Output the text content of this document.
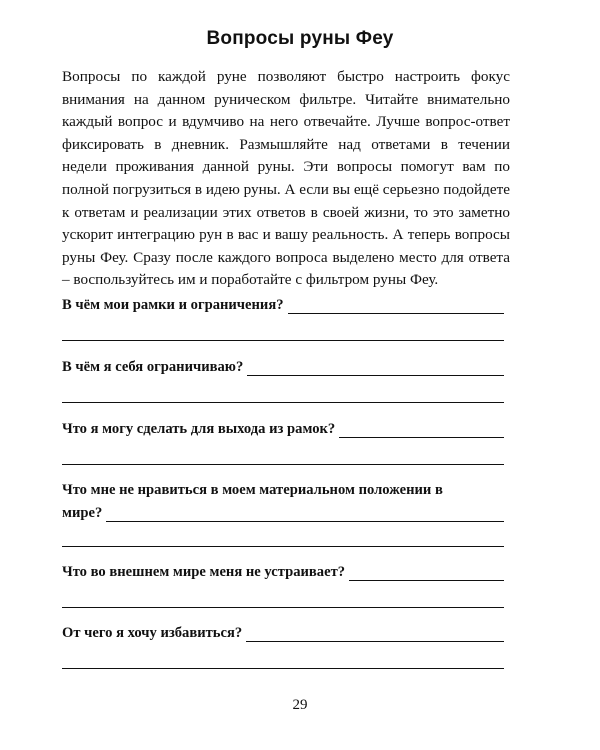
Вопросы руны Феу

Вопросы по каждой руне позволяют быстро настроить фокус внимания на данном руническом фильтре. Читайте внимательно каждый вопрос и вдумчиво на него отвечайте. Лучше вопрос-ответ фиксировать в дневник. Размышляйте над ответами в течении недели проживания данной руны. Эти вопросы помогут вам по полной погрузиться в идею руны. А если вы ещё серьезно подойдете к ответам и реализации этих ответов в своей жизни, то это заметно ускорит интеграцию рун в вас и вашу реальность. А теперь вопросы руны Феу. Сразу после каждого вопроса выделено место для ответа – воспользуйтесь им и поработайте с фильтром руны Феу.

В чём мои рамки и ограничения?
В чём я себя ограничиваю?
Что я могу сделать для выхода из рамок?
Что мне не нравиться в моем материальном положении в
мире?
Что во внешнем мире меня не устраивает?
От чего я хочу избавиться?
29
